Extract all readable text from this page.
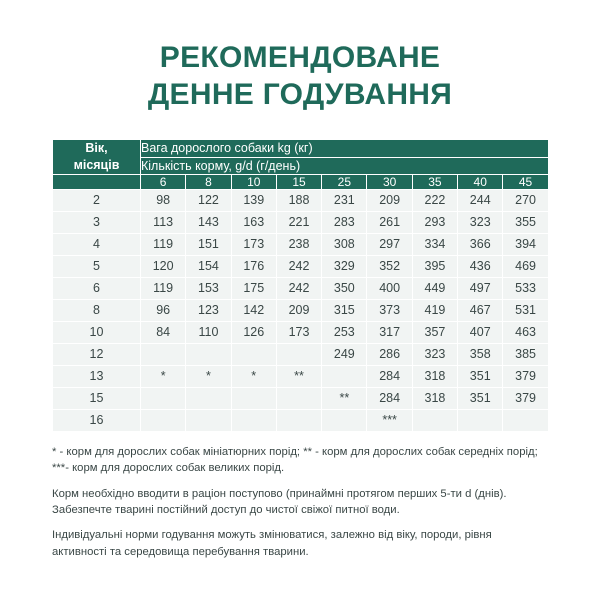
РЕКОМЕНДОВАНЕ
ДЕННЕ ГОДУВАННЯ
Вік,
місяців	Вага дорослого собаки kg (кг)								
	Кількість корму, g/d (г/день)								
	6	8	10	15	25	30	35	40	45
2	98	122	139	188	231	209	222	244	270
3	113	143	163	221	283	261	293	323	355
4	119	151	173	238	308	297	334	366	394
5	120	154	176	242	329	352	395	436	469
6	119	153	175	242	350	400	449	497	533
8	96	123	142	209	315	373	419	467	531
10	84	110	126	173	253	317	357	407	463
12					249	286	323	358	385
13	*	*	*	**		284	318	351	379
15					**	284	318	351	379
16						***			

* - корм для дорослих собак мініатюрних порід; ** - корм для дорослих собак середніх порід; ***- корм для дорослих собак великих порід.

Корм необхідно вводити в раціон поступово (принаймні протягом перших 5-ти d (днів). Забезпечте тварині постійний доступ до чистої свіжої питної води.

Індивідуальні норми годування можуть змінюватися, залежно від віку, породи, рівня активності та середовища перебування тварини.
